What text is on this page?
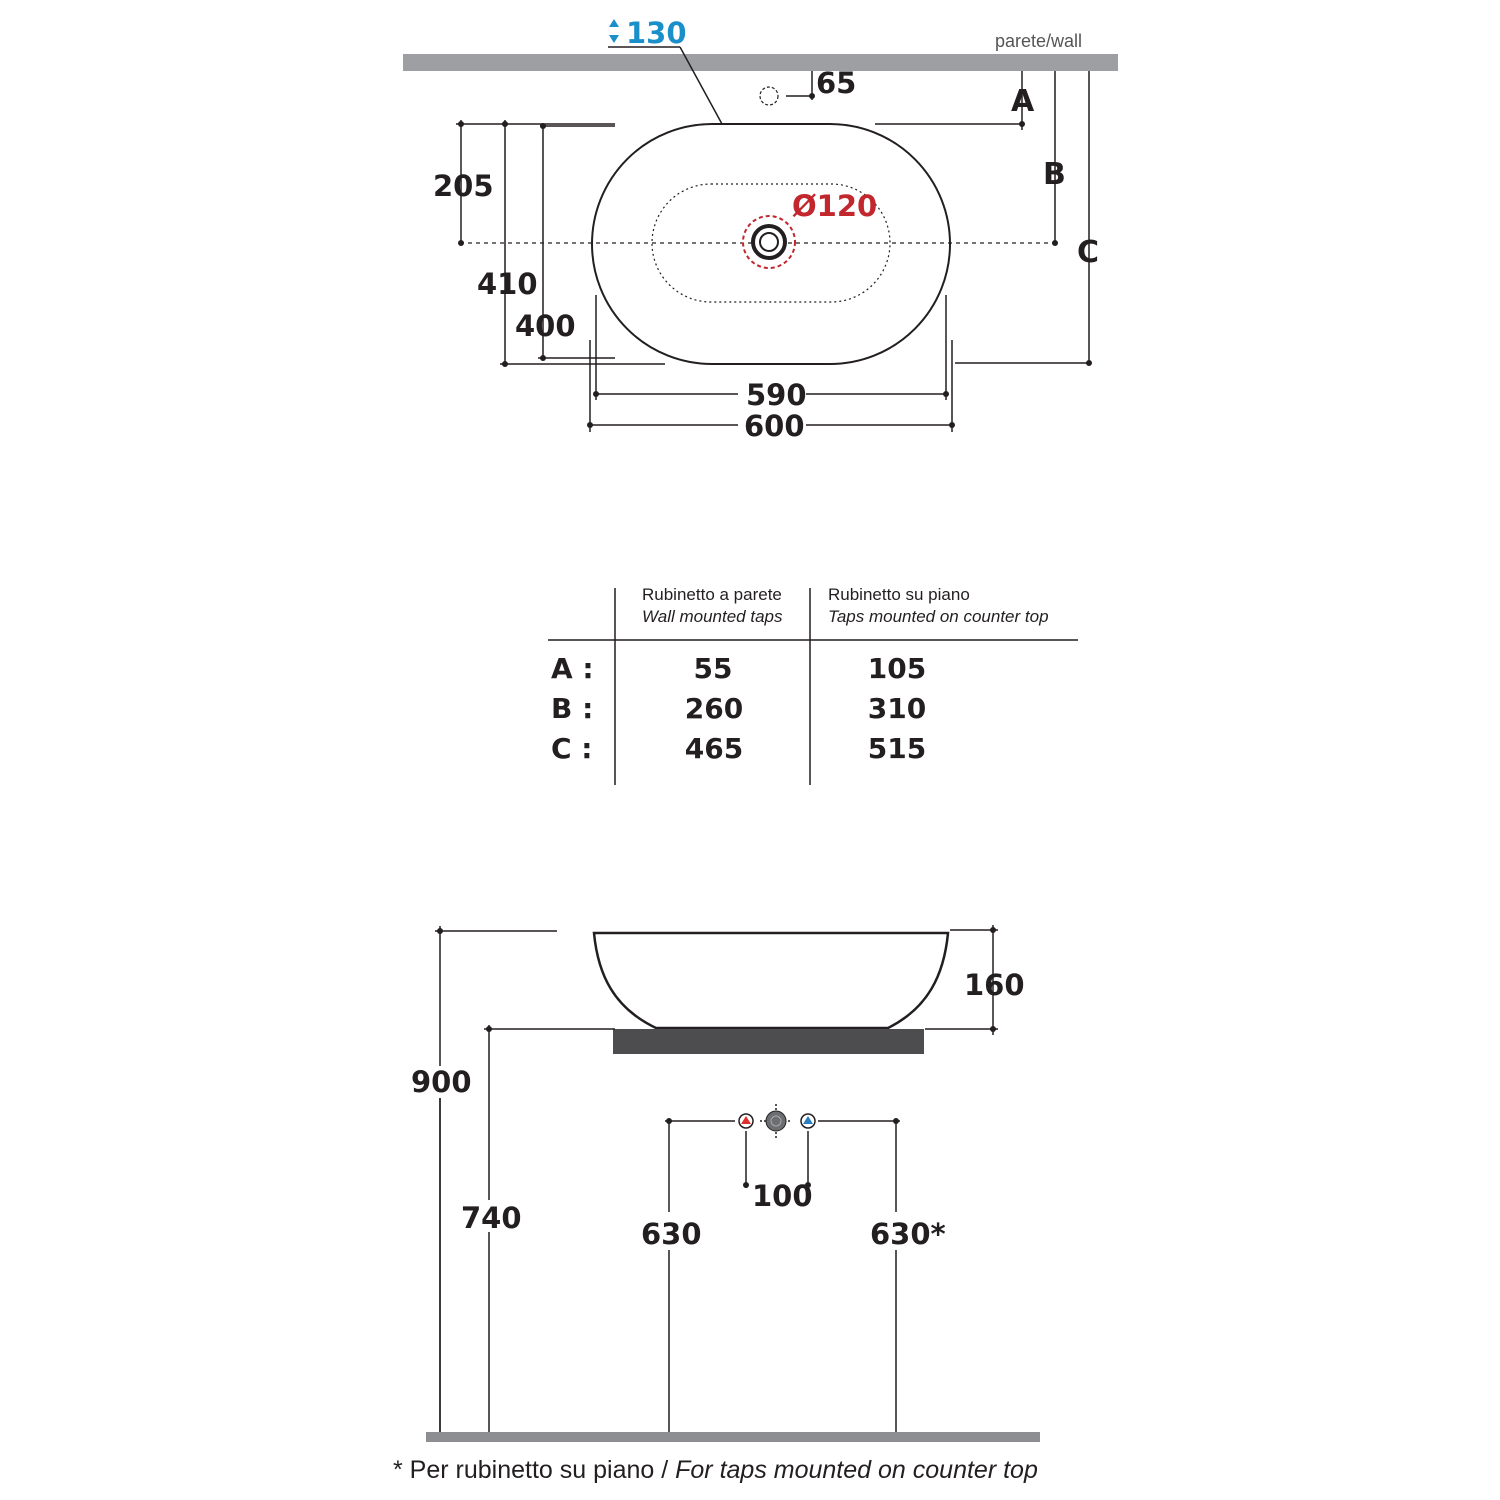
parete/wall
130
65
Ø120
A
B
C
205
410
400
590
600
Rubinetto a parete
Wall mounted taps
Rubinetto su piano
Taps mounted on counter top
A :	55	105
B :	260	310
C :	465	515
160
900
740
100
630	630*
* Per rubinetto su piano / For taps mounted on counter top
